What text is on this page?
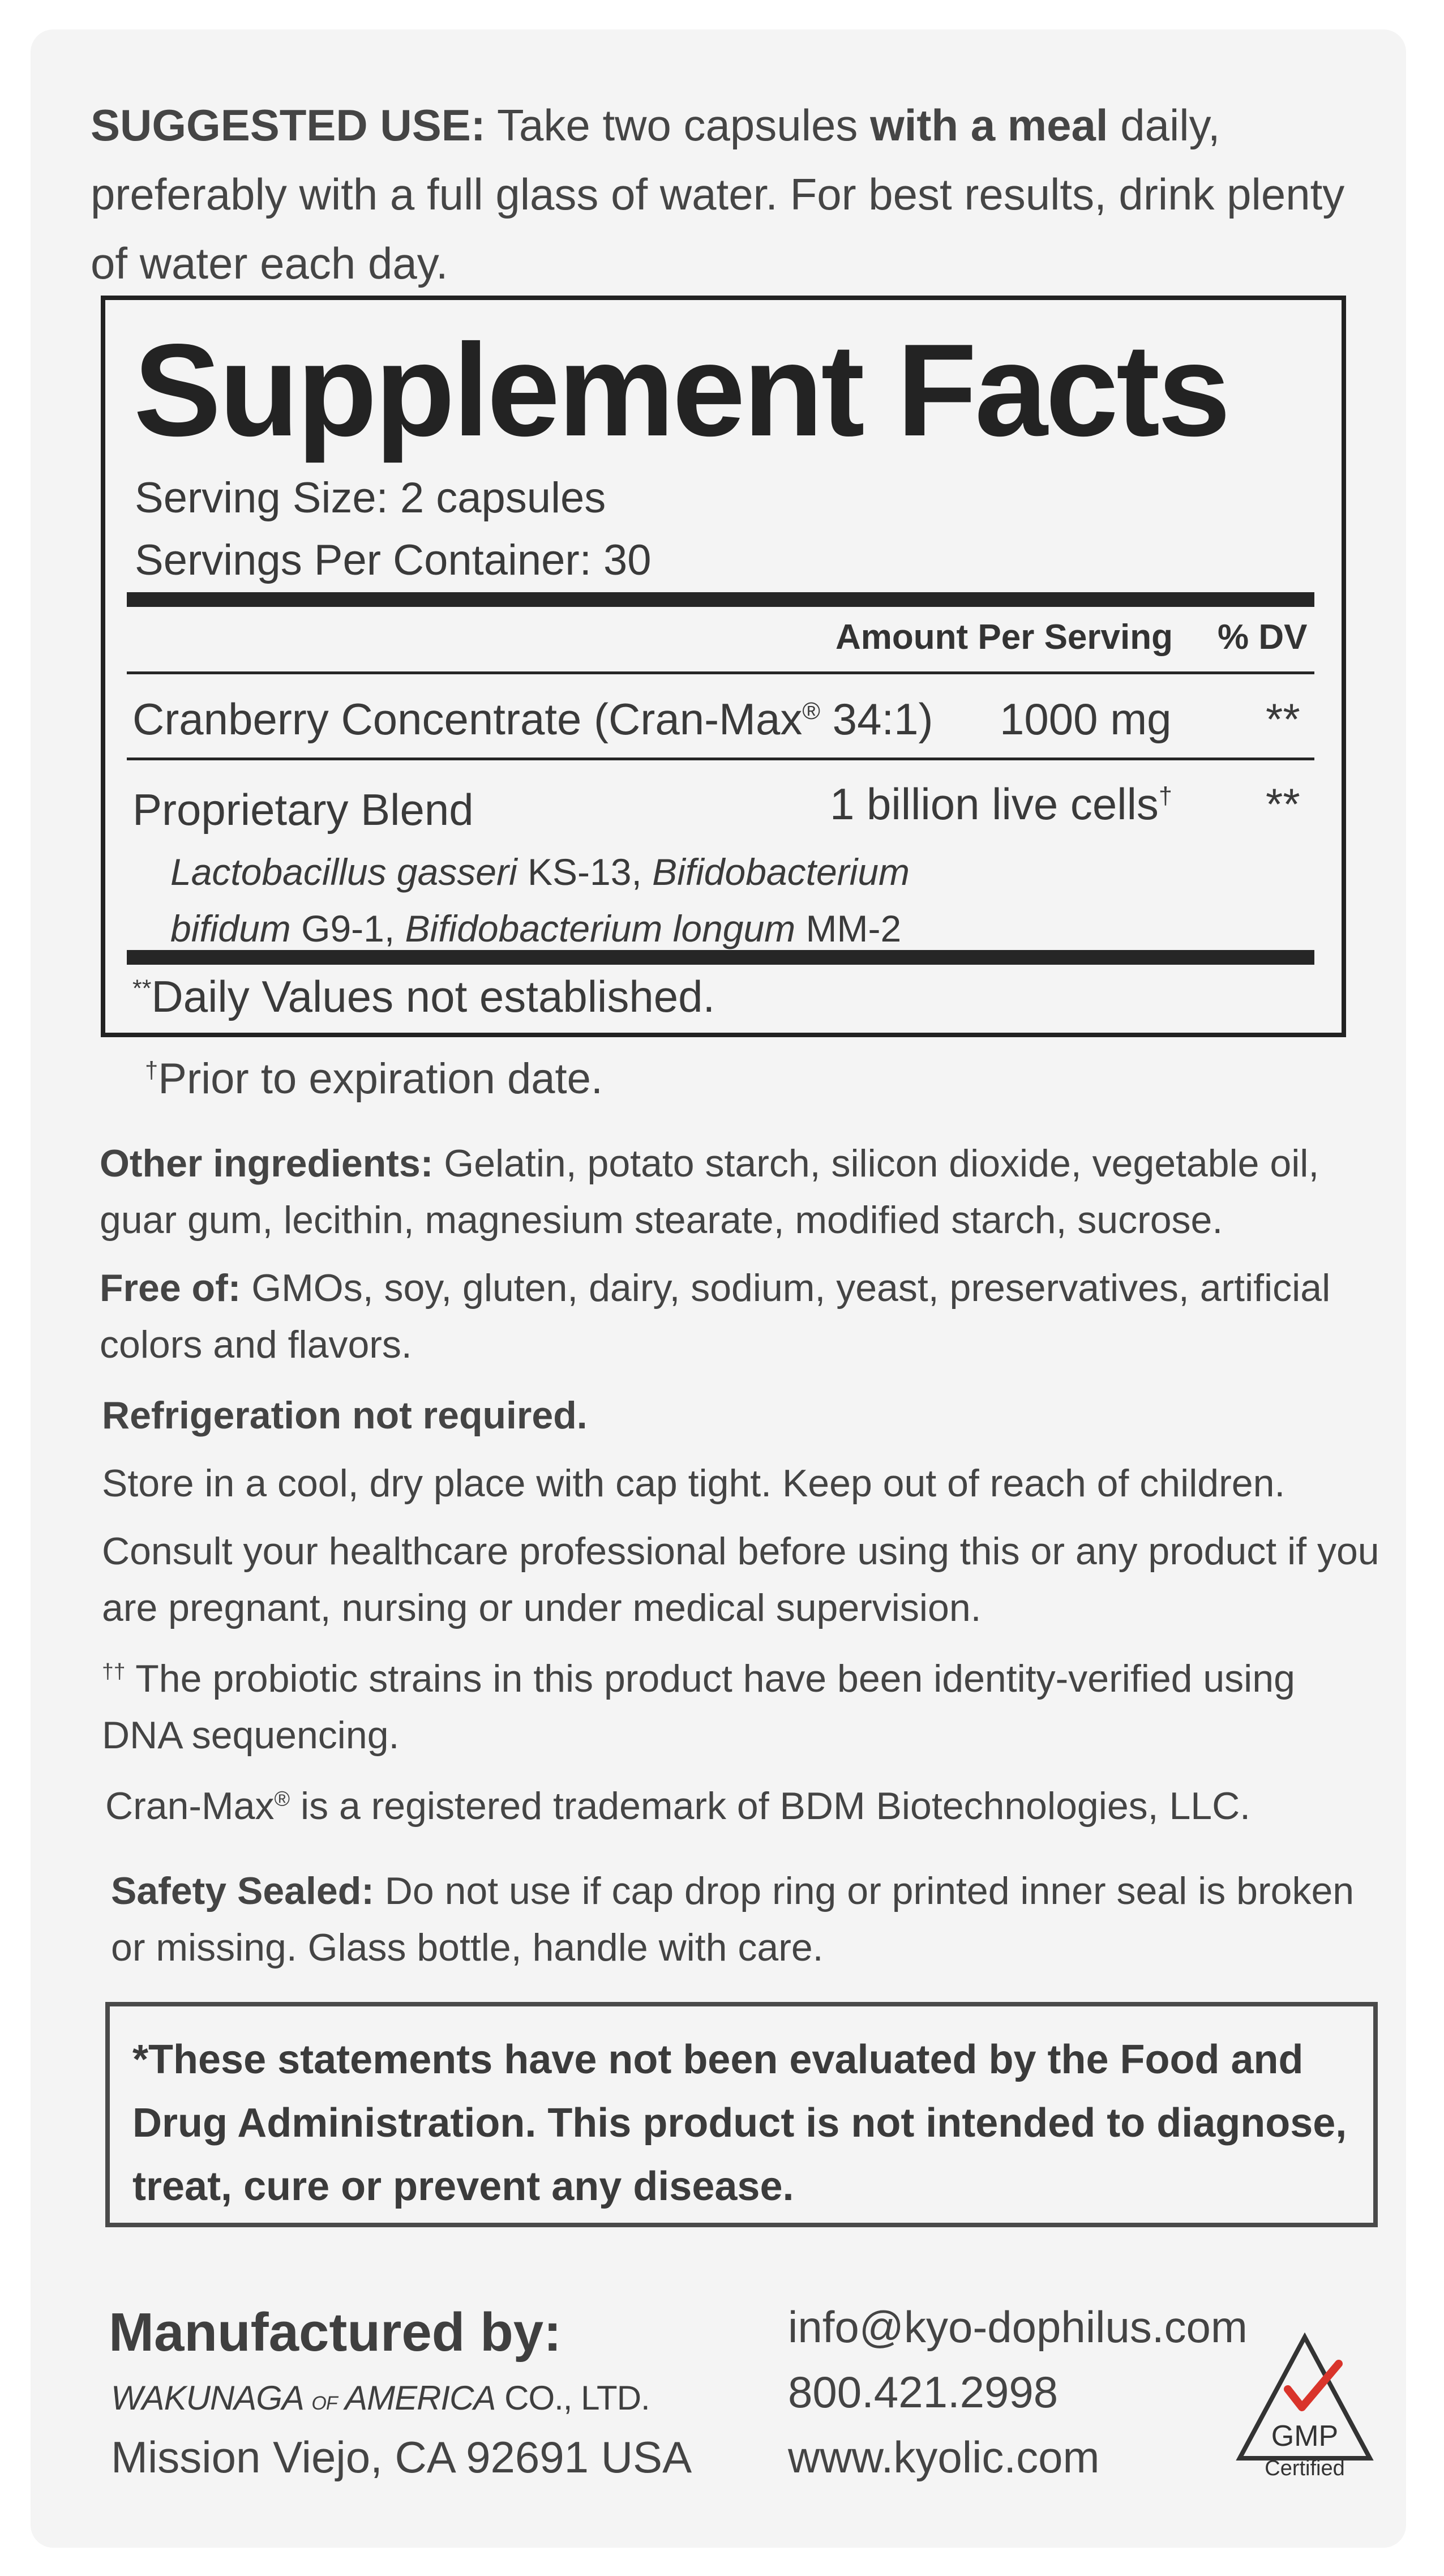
SUGGESTED USE: Take two capsules with a meal daily, preferably with a full glass of water. For best results, drink plenty of water each day.
Supplement Facts
Serving Size: 2 capsules
Servings Per Container: 30
Amount Per Serving % DV
Cranberry Concentrate (Cran-Max® 34:1) 1000 mg **
Proprietary Blend	1 billion live cells† **
Lactobacillus gasseri KS-13, Bifidobacterium bifidum G9-1, Bifidobacterium longum MM-2
**Daily Values not established.
†Prior to expiration date.
Other ingredients: Gelatin, potato starch, silicon dioxide, vegetable oil, guar gum, lecithin, magnesium stearate, modified starch, sucrose.
Free of: GMOs, soy, gluten, dairy, sodium, yeast, preservatives, artificial colors and flavors.
Refrigeration not required.
Store in a cool, dry place with cap tight. Keep out of reach of children.
Consult your healthcare professional before using this or any product if you are pregnant, nursing or under medical supervision.
†† The probiotic strains in this product have been identity-verified using DNA sequencing.
Cran-Max® is a registered trademark of BDM Biotechnologies, LLC.
Safety Sealed: Do not use if cap drop ring or printed inner seal is broken or missing. Glass bottle, handle with care.

*These statements have not been evaluated by the Food and Drug Administration. This product is not intended to diagnose, treat, cure or prevent any disease.

Manufactured by:
WAKUNAGA OF AMERICA CO., LTD.
Mission Viejo, CA 92691 USA
info@kyo-dophilus.com
800.421.2998
www.kyolic.com	GMP
Certified
